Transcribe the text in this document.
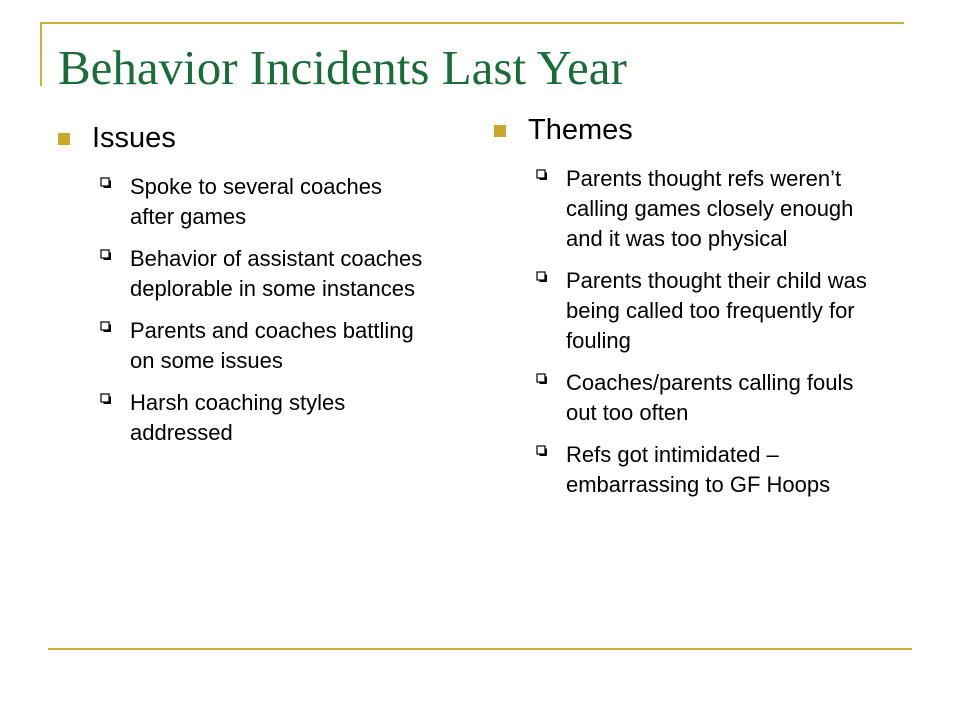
Behavior Incidents Last Year
Issues
Spoke to several coaches after games
Behavior of assistant coaches deplorable in some instances
Parents and coaches battling on some issues
Harsh coaching styles addressed
Themes
Parents thought refs weren’t calling games closely enough and it was too physical
Parents thought their child was being called too frequently for fouling
Coaches/parents calling fouls out too often
Refs got intimidated – embarrassing to GF Hoops
